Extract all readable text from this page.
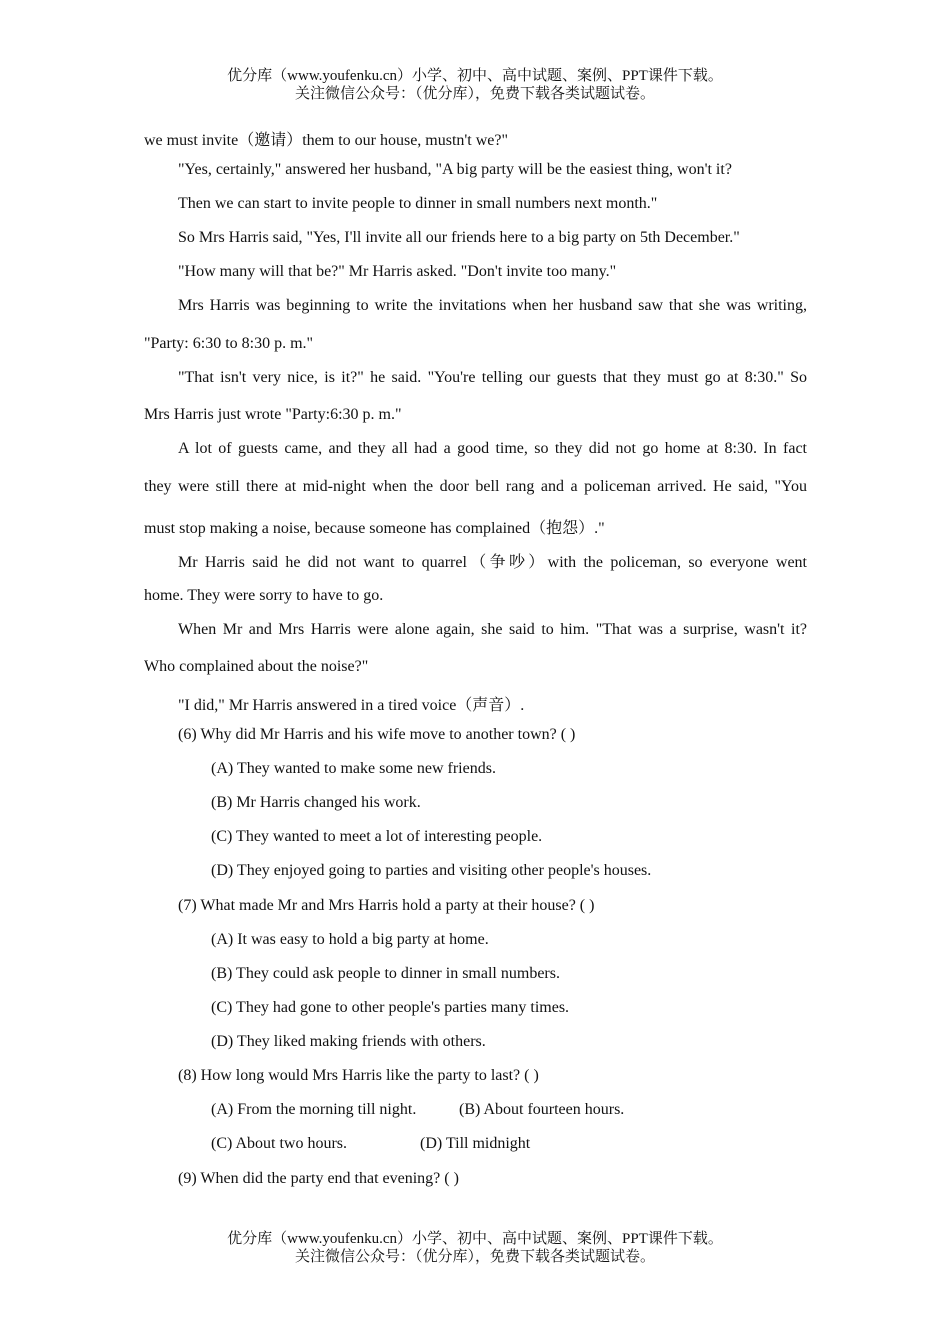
优分库（www.youfenku.cn）小学、初中、高中试题、案例、PPT课件下载。
关注微信公众号：（优分库），免费下载各类试题试卷。
we must invite（邀请）them to our house, mustn't we?"
"Yes, certainly," answered her husband, "A big party will be the easiest thing, won't it?
Then we can start to invite people to dinner in small numbers next month."
So Mrs Harris said, "Yes, I'll invite all our friends here to a big party on 5th December."
"How many will that be?" Mr Harris asked. "Don't invite too many."
Mrs Harris was beginning to write the invitations when her husband saw that she was writing,
"Party: 6:30 to 8:30 p. m."
"That isn't very nice, is it?" he said. "You're telling our guests that they must go at 8:30." So
Mrs Harris just wrote "Party:6:30 p. m."
A lot of guests came, and they all had a good time, so they did not go home at 8:30. In fact
they were still there at mid-night when the door bell rang and a policeman arrived. He said, "You
must stop making a noise, because someone has complained（抱怨）."
Mr Harris said he did not want to quarrel（争吵）with the policeman, so everyone went
home. They were sorry to have to go.
When Mr and Mrs Harris were alone again, she said to him. "That was a surprise, wasn't it?
Who complained about the noise?"
"I did," Mr Harris answered in a tired voice（声音）.
(6) Why did Mr Harris and his wife move to another town? ( )
(A) They wanted to make some new friends.
(B) Mr Harris changed his work.
(C) They wanted to meet a lot of interesting people.
(D) They enjoyed going to parties and visiting other people's houses.
(7) What made Mr and Mrs Harris hold a party at their house? ( )
(A) It was easy to hold a big party at home.
(B) They could ask people to dinner in small numbers.
(C) They had gone to other people's parties many times.
(D) They liked making friends with others.
(8) How long would Mrs Harris like the party to last? ( )
(A) From the morning till night.	(B) About fourteen hours.
(C) About two hours.	(D) Till midnight
(9) When did the party end that evening? ( )
优分库（www.youfenku.cn）小学、初中、高中试题、案例、PPT课件下载。
关注微信公众号：（优分库），免费下载各类试题试卷。
